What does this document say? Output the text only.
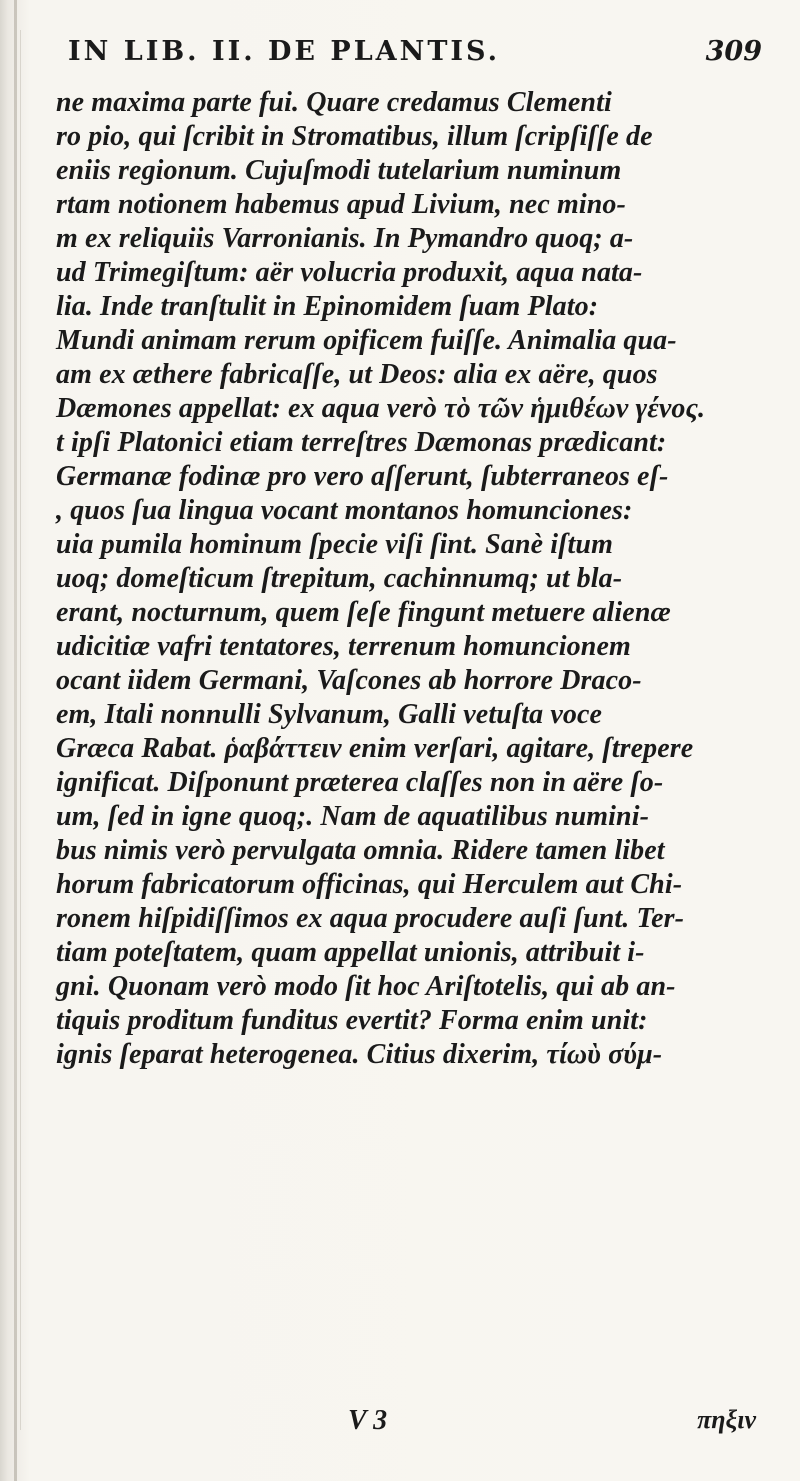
IN LIB. II. DE PLANTIS.	309
ne maxima parte fui. Quare credamus Clementi
ro pio, qui ſcribit in Stromatibus, illum ſcripſiſſe de
eniis regionum. Cujuſmodi tutelarium numinum
rtam notionem habemus apud Livium, nec mino-
m ex reliquiis Varronianis. In Pymandro quoq; a-
ud Trimegiſtum: aër volucria produxit, aqua nata-
lia. Inde tranſtulit in Epinomidem ſuam Plato:
Mundi animam rerum opificem fuiſſe. Animalia qua-
am ex æthere fabricaſſe, ut Deos: alia ex aëre, quos
Dæmones appellat: ex aqua verò τὸ τῶν ἡμιθέων γένος.
t ipſi Platonici etiam terreſtres Dæmonas prædicant:
Germanæ fodinæ pro vero aſſerunt, ſubterraneos eſ-
, quos ſua lingua vocant montanos homunciones:
uia pumila hominum ſpecie viſi ſint. Sanè iſtum
uoq; domeſticum ſtrepitum, cachinnumq; ut bla-
erant, nocturnum, quem ſeſe fingunt metuere alienæ
udicitiæ vafri tentatores, terrenum homuncionem
ocant iidem Germani, Vaſcones ab horrore Draco-
em, Itali nonnulli Sylvanum, Galli vetuſta voce
Græca Rabat. ῥαβάττειν enim verſari, agitare, ſtrepere
ignificat. Diſponunt præterea claſſes non in aëre ſo-
um, ſed in igne quoq;. Nam de aquatilibus numini-
bus nimis verò pervulgata omnia. Ridere tamen libet
horum fabricatorum officinas, qui Herculem aut Chi-
ronem hiſpidiſſimos ex aqua procudere auſi ſunt. Ter-
tiam poteſtatem, quam appellat unionis, attribuit i-
gni. Quonam verò modo ſit hoc Ariſtotelis, qui ab an-
tiquis proditum funditus evertit? Forma enim unit:
ignis ſeparat heterogenea. Citius dixerim, τίωὺ σύμ-
V 3	πηξιν
